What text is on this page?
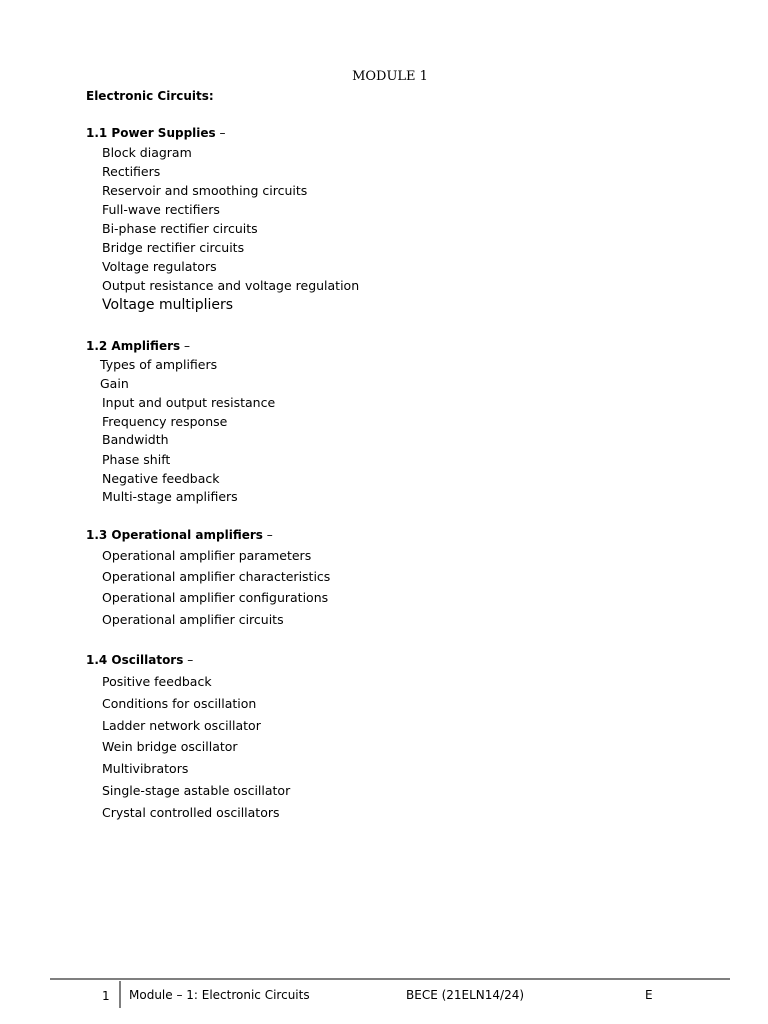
MODULE 1
Electronic Circuits:
1.1 Power Supplies –
Block diagram
Rectifiers
Reservoir and smoothing circuits
Full-wave rectifiers
Bi-phase rectifier circuits
Bridge rectifier circuits
Voltage regulators
Output resistance and voltage regulation
Voltage multipliers
1.2 Amplifiers –
Types of amplifiers
Gain
Input and output resistance
Frequency response
Bandwidth
Phase shift
Negative feedback
Multi-stage amplifiers
1.3 Operational amplifiers –
Operational amplifier parameters
Operational amplifier characteristics
Operational amplifier configurations
Operational amplifier circuits
1.4 Oscillators –
Positive feedback
Conditions for oscillation
Ladder network oscillator
Wein bridge oscillator
Multivibrators
Single-stage astable oscillator
Crystal controlled oscillators
1 Module – 1: Electronic Circuits	BECE (21ELN14/24)	E
